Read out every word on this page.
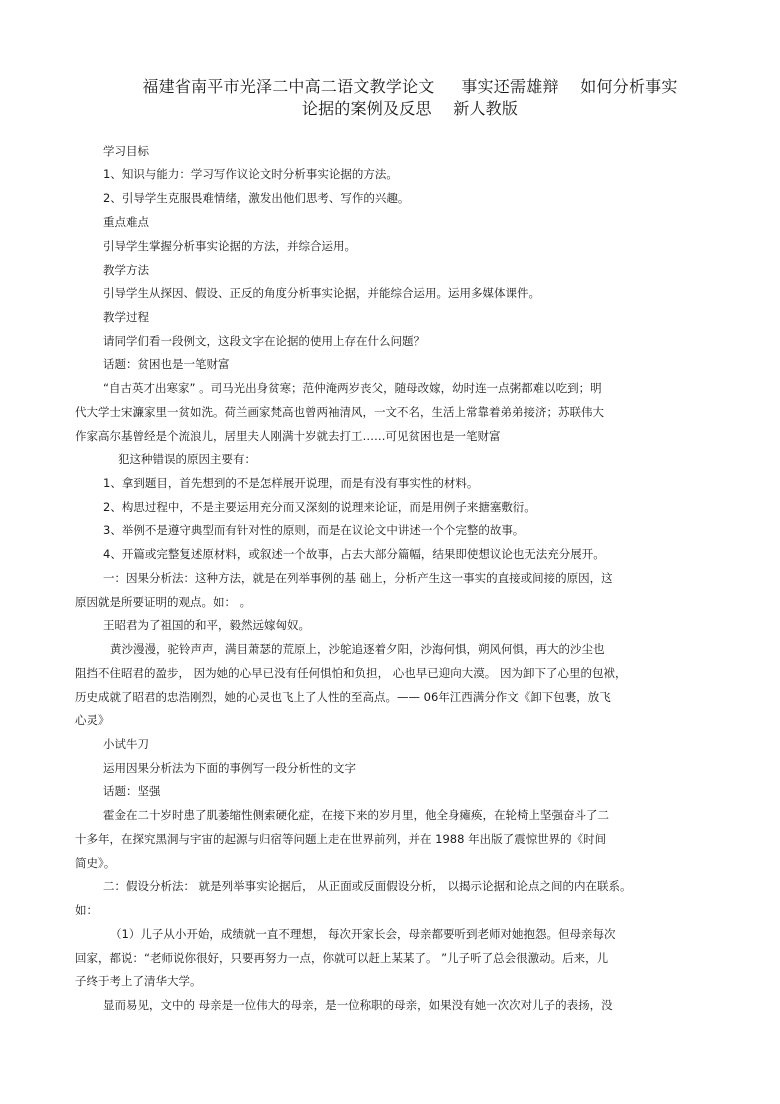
福建省南平市光泽二中高二语文教学论文 　 事实还需雄辩 　如何分析事实
论据的案例及反思 　新人教版
学习目标
1、知识与能力：学习写作议论文时分析事实论据的方法。
2、引导学生克服畏难情绪，激发出他们思考、写作的兴趣。
重点难点
引导学生掌握分析事实论据的方法，并综合运用。
教学方法
引导学生从探因、假设、正反的角度分析事实论据，并能综合运用。运用多媒体课件。
教学过程
请同学们看一段例文，这段文字在论据的使用上存在什么问题？
话题：贫困也是一笔财富
“自古英才出寒家” 。司马光出身贫寒；范仲淹两岁丧父，随母改嫁，幼时连一点粥都难以吃到；明
代大学士宋濂家里一贫如洗。荷兰画家梵高也曾两袖清风，一文不名，生活上常靠着弟弟接济；苏联伟大
作家高尔基曾经是个流浪儿，居里夫人刚满十岁就去打工……可见贫困也是一笔财富
犯这种错误的原因主要有：
1、拿到题目，首先想到的不是怎样展开说理，而是有没有事实性的材料。
2、构思过程中，不是主要运用充分而又深刻的说理来论证，而是用例子来搪塞敷衍。
3、举例不是遵守典型而有针对性的原则，而是在议论文中讲述一个个完整的故事。
4、开篇或完整复述原材料，或叙述一个故事，占去大部分篇幅，结果即使想议论也无法充分展开。
一：因果分析法：这种方法，就是在列举事例的基 础上，分析产生这一事实的直接或间接的原因，这
原因就是所要证明的观点。如： 。
王昭君为了祖国的和平，毅然远嫁匈奴。
黄沙漫漫，驼铃声声，满目萧瑟的荒原上，沙鸵追逐着夕阳，沙海何惧，朔风何惧，再大的沙尘也
阻挡不住昭君的盈步， 因为她的心早已没有任何惧怕和负担， 心也早已迎向大漠。 因为卸下了心里的包袱，
历史成就了昭君的忠浩刚烈，她的心灵也飞上了人性的至高点。—— 06年江西满分作文《卸下包裹，放飞
心灵》
小试牛刀
运用因果分析法为下面的事例写一段分析性的文字
话题：坚强
霍金在二十岁时患了肌萎缩性侧索硬化症，在接下来的岁月里，他全身瘫痪，在轮椅上坚强奋斗了二
十多年，在探究黑洞与宇宙的起源与归宿等问题上走在世界前列，并在 1988 年出版了震惊世界的《时间
简史》。
二：假设分析法： 就是列举事实论据后， 从正面或反面假设分析， 以揭示论据和论点之间的内在联系。
如：
（1）儿子从小开始，成绩就一直不理想， 每次开家长会，母亲都要听到老师对她抱怨。但母亲每次
回家，都说：“老师说你很好，只要再努力一点，你就可以赶上某某了。 ”儿子听了总会很激动。后来，儿
子终于考上了清华大学。
显而易见，文中的 母亲是一位伟大的母亲，是一位称职的母亲，如果没有她一次次对儿子的表扬，没
